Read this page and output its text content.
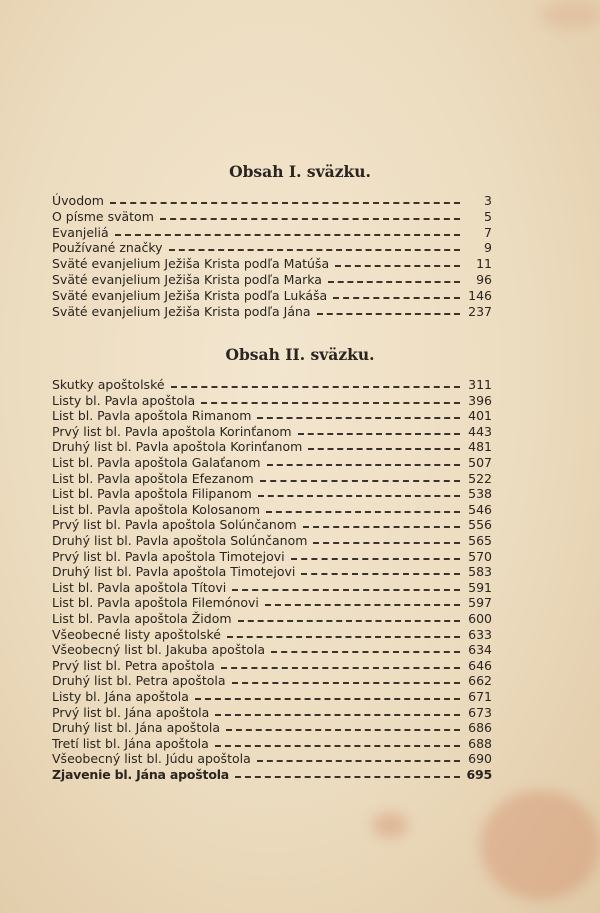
Obsah I. svӓzku.
Úvodom	3
O písme svӓtom	5
Evanjeliá	7
Používané značky	9
Svӓté evanjelium Ježiša Krista podľa Matúša	11
Svӓté evanjelium Ježiša Krista podľa Marka	96
Svӓté evanjelium Ježiša Krista podľa Lukáša	146
Svӓté evanjelium Ježiša Krista podľa Jána	237
Obsah II. svӓzku.
Skutky apoštolské	311
Listy bl. Pavla apoštola	396
List bl. Pavla apoštola Rimanom	401
Prvý list bl. Pavla apoštola Korinťanom	443
Druhý list bl. Pavla apoštola Korinťanom	481
List bl. Pavla apoštola Galaťanom	507
List bl. Pavla apoštola Efezanom	522
List bl. Pavla apoštola Filipanom	538
List bl. Pavla apoštola Kolosanom	546
Prvý list bl. Pavla apoštola Solúnčanom	556
Druhý list bl. Pavla apoštola Solúnčanom	565
Prvý list bl. Pavla apoštola Timotejovi	570
Druhý list bl. Pavla apoštola Timotejovi	583
List bl. Pavla apoštola Títovi	591
List bl. Pavla apoštola Filemónovi	597
List bl. Pavla apoštola Židom	600
Všeobecné listy apoštolské	633
Všeobecný list bl. Jakuba apoštola	634
Prvý list bl. Petra apoštola	646
Druhý list bl. Petra apoštola	662
Listy bl. Jána apoštola	671
Prvý list bl. Jána apoštola	673
Druhý list bl. Jána apoštola	686
Tretí list bl. Jána apoštola	688
Všeobecný list bl. Júdu apoštola	690
Zjavenie bl. Jána apoštola	695
